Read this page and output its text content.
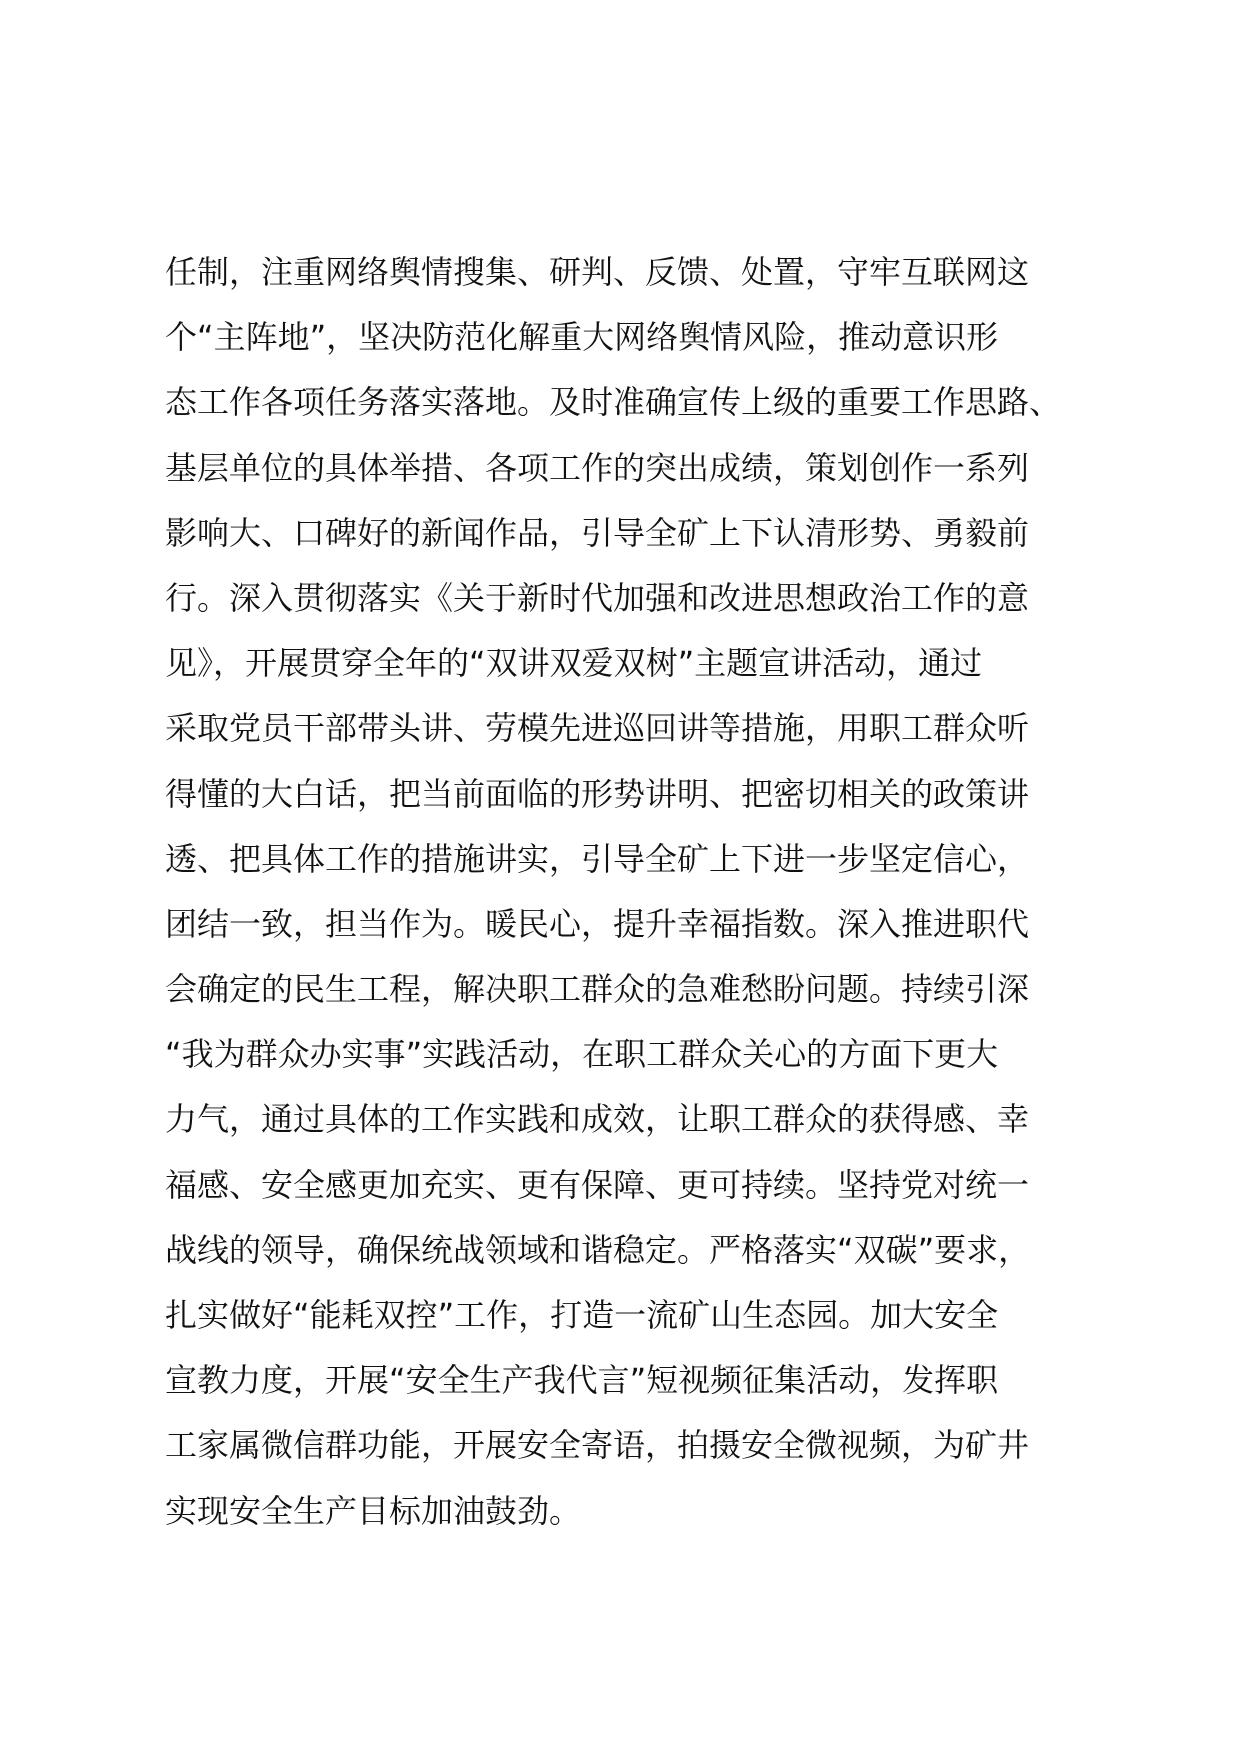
任制，注重网络舆情搜集、研判、反馈、处置，守牢互联网这
个“主阵地”，坚决防范化解重大网络舆情风险，推动意识形
态工作各项任务落实落地。及时准确宣传上级的重要工作思路、
基层单位的具体举措、各项工作的突出成绩，策划创作一系列
影响大、口碑好的新闻作品，引导全矿上下认清形势、勇毅前
行。深入贯彻落实《关于新时代加强和改进思想政治工作的意
见》，开展贯穿全年的“双讲双爱双树”主题宣讲活动，通过
采取党员干部带头讲、劳模先进巡回讲等措施，用职工群众听
得懂的大白话，把当前面临的形势讲明、把密切相关的政策讲
透、把具体工作的措施讲实，引导全矿上下进一步坚定信心，
团结一致，担当作为。暖民心，提升幸福指数。深入推进职代
会确定的民生工程，解决职工群众的急难愁盼问题。持续引深
“我为群众办实事”实践活动，在职工群众关心的方面下更大
力气，通过具体的工作实践和成效，让职工群众的获得感、幸
福感、安全感更加充实、更有保障、更可持续。坚持党对统一
战线的领导，确保统战领域和谐稳定。严格落实“双碳”要求，
扎实做好“能耗双控”工作，打造一流矿山生态园。加大安全
宣教力度，开展“安全生产我代言”短视频征集活动，发挥职
工家属微信群功能，开展安全寄语，拍摄安全微视频，为矿井
实现安全生产目标加油鼓劲。
